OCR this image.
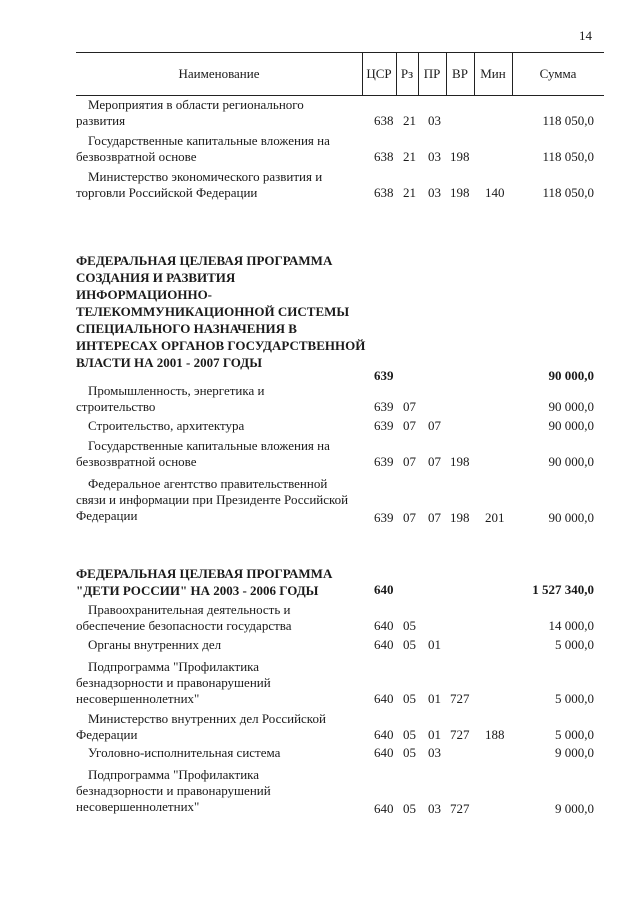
14
Наименование	ЦСР Рз ПР ВР Мин	Сумма
Мероприятия в области регионального развития	638 21 03	118 050,0
Государственные капитальные вложения на безвозвратной основе	638 21 03 198	118 050,0
Министерство экономического развития и торговли Российской Федерации	638 21 03 198 140	118 050,0
ФЕДЕРАЛЬНАЯ ЦЕЛЕВАЯ ПРОГРАММА СОЗДАНИЯ И РАЗВИТИЯ ИНФОРМАЦИОННО-ТЕЛЕКОММУНИКАЦИОННОЙ СИСТЕМЫ СПЕЦИАЛЬНОГО НАЗНАЧЕНИЯ В ИНТЕРЕСАХ ОРГАНОВ ГОСУДАРСТВЕННОЙ ВЛАСТИ НА 2001 - 2007 ГОДЫ
639	90 000,0
Промышленность, энергетика и строительство	639 07	90 000,0
Строительство, архитектура	639 07 07	90 000,0
Государственные капитальные вложения на безвозвратной основе	639 07 07 198	90 000,0
Федеральное агентство правительственной связи и информации при Президенте Российской Федерации	639 07 07 198 201	90 000,0
ФЕДЕРАЛЬНАЯ ЦЕЛЕВАЯ ПРОГРАММА "ДЕТИ РОССИИ" НА 2003 - 2006 ГОДЫ	640	1 527 340,0
Правоохранительная деятельность и обеспечение безопасности государства	640 05	14 000,0
Органы внутренних дел	640 05 01	5 000,0
Подпрограмма "Профилактика безнадзорности и правонарушений несовершеннолетних"	640 05 01 727	5 000,0
Министерство внутренних дел Российской Федерации	640 05 01 727 188	5 000,0
Уголовно-исполнительная система	640 05 03	9 000,0
Подпрограмма "Профилактика безнадзорности и правонарушений несовершеннолетних"	640 05 03 727	9 000,0
